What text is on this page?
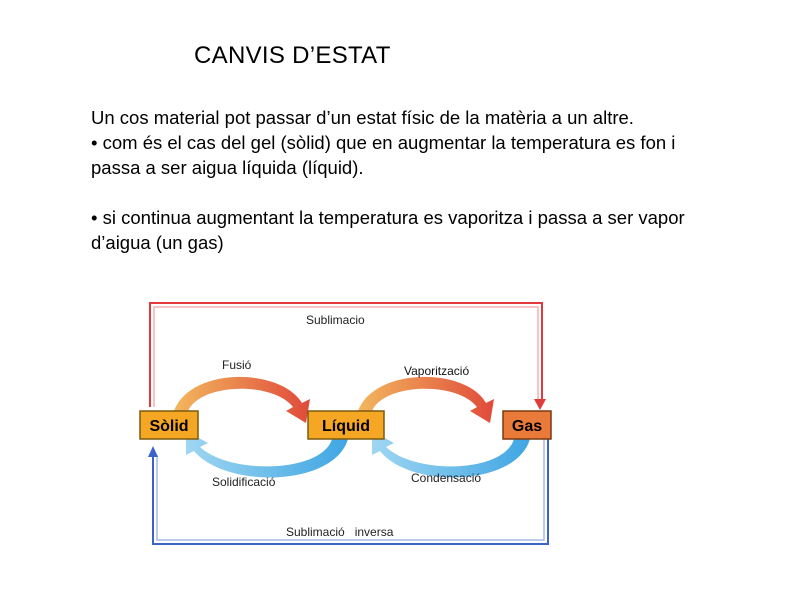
CANVIS D’ESTAT

Un cos material pot passar d’un estat físic de la matèria a un altre.

• com és el cas del gel (sòlid) que en augmentar la temperatura es fon i passa a ser aigua líquida (líquid).

• si continua augmentant la temperatura es vaporitza i passa a ser vapor d’aigua (un gas)

Sòlid	Líquid	Gas
Sublimacio
Fusió	Vaporització
Solidificació	Condensació
Sublimació   inversa
